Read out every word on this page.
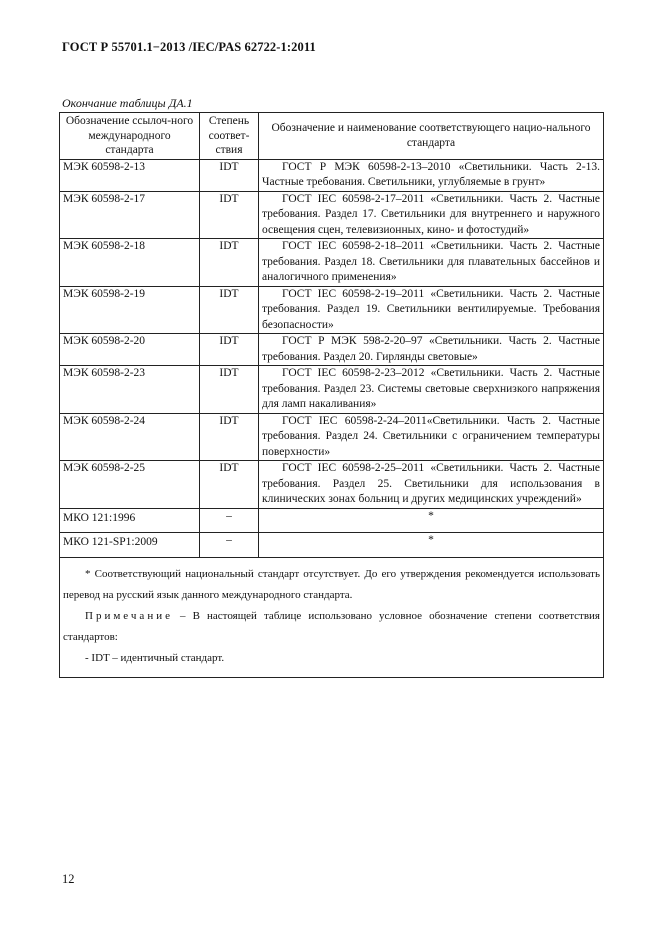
ГОСТ Р 55701.1−2013 /IEC/PAS 62722-1:2011
Окончание таблицы ДА.1
Обозначение ссылоч-ного международного стандарта	Степень соответ-ствия	Обозначение и наименование соответствующего нацио-нального стандарта
МЭК 60598-2-13	IDT	ГОСТ Р МЭК 60598-2-13–2010 «Светильники. Часть 2-13. Частные требования. Светильники, углубляемые в грунт»
МЭК 60598-2-17	IDT	ГОСТ IEC 60598-2-17–2011 «Светильники. Часть 2. Частные требования. Раздел 17. Светильники для внутреннего и наружного освещения сцен, телевизионных, кино- и фотостудий»
МЭК 60598-2-18	IDT	ГОСТ IEC 60598-2-18–2011 «Светильники. Часть 2. Частные требования. Раздел 18. Светильники для плавательных бассейнов и аналогичного применения»
МЭК 60598-2-19	IDT	ГОСТ IEC 60598-2-19–2011 «Светильники. Часть 2. Частные требования. Раздел 19. Светильники вентилируемые. Требования безопасности»
МЭК 60598-2-20	IDT	ГОСТ Р МЭК 598-2-20–97 «Светильники. Часть 2. Частные требования. Раздел 20. Гирлянды световые»
МЭК 60598-2-23	IDT	ГОСТ IEC 60598-2-23–2012 «Светильники. Часть 2. Частные требования. Раздел 23. Системы световые сверхнизкого напряжения для ламп накаливания»
МЭК 60598-2-24	IDT	ГОСТ IEC 60598-2-24–2011«Светильники. Часть 2. Частные требования. Раздел 24. Светильники с ограничением температуры поверхности»
МЭК 60598-2-25	IDT	ГОСТ IEC 60598-2-25–2011 «Светильники. Часть 2. Частные требования. Раздел 25. Светильники для использования в клинических зонах больниц и других медицинских учреждений»
МКО 121:1996	–	*
МКО 121-SP1:2009	–	*

* Соответствующий национальный стандарт отсутствует. До его утверждения рекомендуется использовать перевод на русский язык данного международного стандарта.

Примечание – В настоящей таблице использовано условное обозначение степени соответствия стандартов:

- IDT – идентичный стандарт.		

12
